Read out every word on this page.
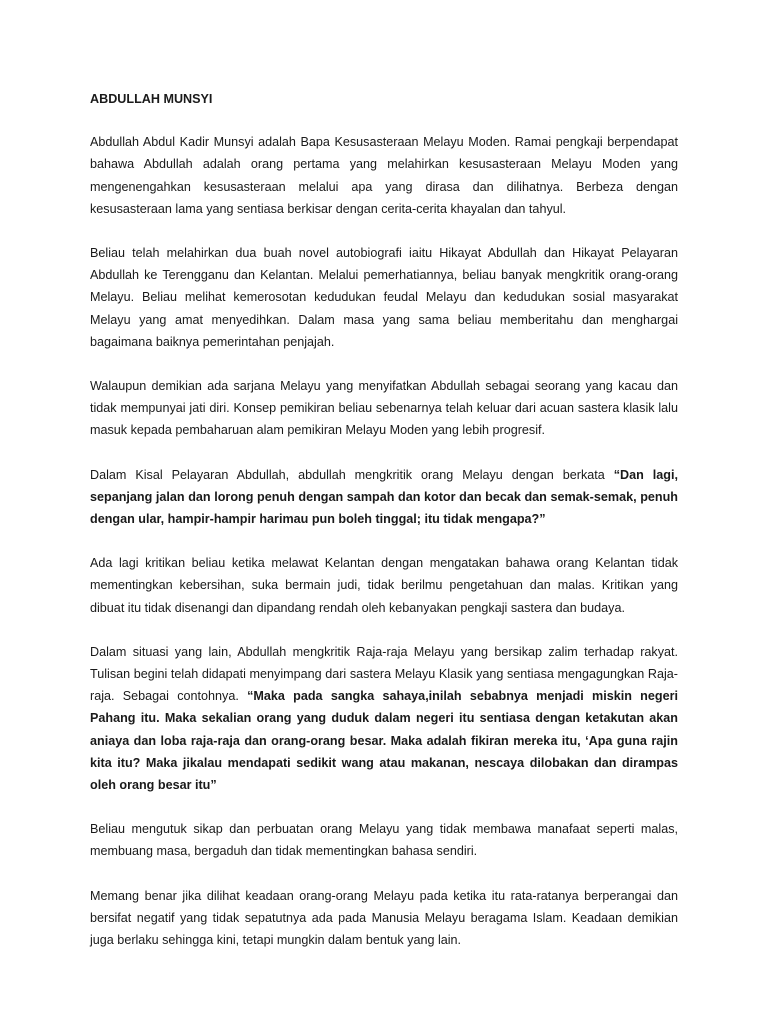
ABDULLAH MUNSYI

Abdullah Abdul Kadir Munsyi adalah Bapa Kesusasteraan Melayu Moden. Ramai pengkaji berpendapat bahawa Abdullah adalah orang pertama yang melahirkan kesusasteraan Melayu Moden yang mengenengahkan kesusasteraan melalui apa yang dirasa dan dilihatnya. Berbeza dengan kesusasteraan lama yang sentiasa berkisar dengan cerita-cerita khayalan dan tahyul.

Beliau telah melahirkan dua buah novel autobiografi iaitu Hikayat Abdullah dan Hikayat Pelayaran Abdullah ke Terengganu dan Kelantan. Melalui pemerhatiannya, beliau banyak mengkritik orang-orang Melayu. Beliau melihat kemerosotan kedudukan feudal Melayu dan kedudukan sosial masyarakat Melayu yang amat menyedihkan. Dalam masa yang sama beliau memberitahu dan menghargai bagaimana baiknya pemerintahan penjajah.

Walaupun demikian ada sarjana Melayu yang menyifatkan Abdullah sebagai seorang yang kacau dan tidak mempunyai jati diri. Konsep pemikiran beliau sebenarnya telah keluar dari acuan sastera klasik lalu masuk kepada pembaharuan alam pemikiran Melayu Moden yang lebih progresif.

Dalam Kisal Pelayaran Abdullah, abdullah mengkritik orang Melayu dengan berkata “Dan lagi, sepanjang jalan dan lorong penuh dengan sampah dan kotor dan becak dan semak-semak, penuh dengan ular, hampir-hampir harimau pun boleh tinggal; itu tidak mengapa?”

Ada lagi kritikan beliau ketika melawat Kelantan dengan mengatakan bahawa orang Kelantan tidak mementingkan kebersihan, suka bermain judi, tidak berilmu pengetahuan dan malas. Kritikan yang dibuat itu tidak disenangi dan dipandang rendah oleh kebanyakan pengkaji sastera dan budaya.

Dalam situasi yang lain, Abdullah mengkritik Raja-raja Melayu yang bersikap zalim terhadap rakyat. Tulisan begini telah didapati menyimpang dari sastera Melayu Klasik yang sentiasa mengagungkan Raja-raja. Sebagai contohnya. “Maka pada sangka sahaya,inilah sebabnya menjadi miskin negeri Pahang itu. Maka sekalian orang yang duduk dalam negeri itu sentiasa dengan ketakutan akan aniaya dan loba raja-raja dan orang-orang besar. Maka adalah fikiran mereka itu, ‘Apa guna rajin kita itu? Maka jikalau mendapati sedikit wang atau makanan, nescaya dilobakan dan dirampas oleh orang besar itu”

Beliau mengutuk sikap dan perbuatan orang Melayu yang tidak membawa manafaat seperti malas, membuang masa, bergaduh dan tidak mementingkan bahasa sendiri.

Memang benar jika dilihat keadaan orang-orang Melayu pada ketika itu rata-ratanya berperangai dan bersifat negatif yang tidak sepatutnya ada pada Manusia Melayu beragama Islam. Keadaan demikian juga berlaku sehingga kini, tetapi mungkin dalam bentuk yang lain.
